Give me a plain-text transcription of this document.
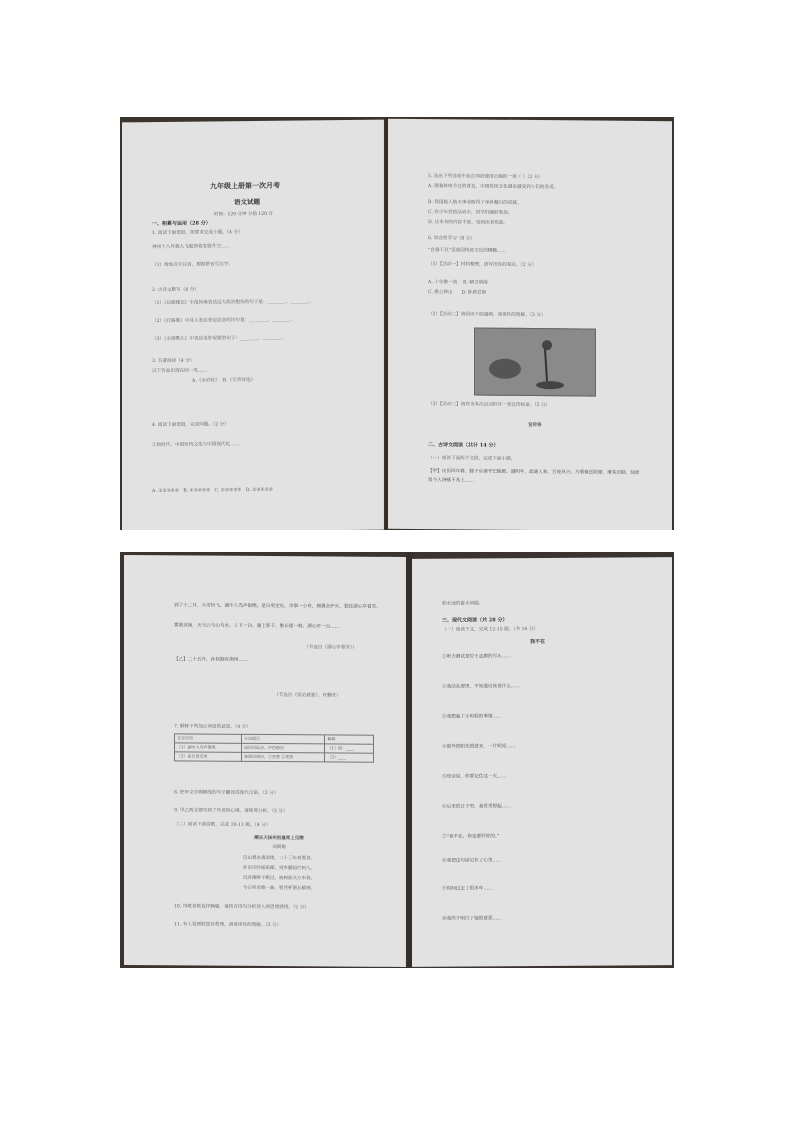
九年级上册第一次月考
语文试题
时间：120 分钟 分值 120 分
一、积累与运用（28 分）
1. 阅读下面语段，按要求完成小题。（4 分）
神州十八号载人飞船即将发射升空……
（1）给加点字注音，根据拼音写汉字。
2. 古诗文默写（8 分）
（1）《岳阳楼记》中范仲淹表达远大政治抱负的句子是：________，________。
（2）《行路难》中诗人表达坚定信念的诗句是：________，________。
（3）《水调歌头》中表达美好祝愿的句子：________，________。
3. 名著阅读（4 分）
以下作品出现在同一页……
A.《水浒传》  B.《艾青诗选》
4. 阅读下面语段，完成问题。（2 分）
①新时代，中国传统文化与中国现代化……
A. ①②③④⑤   B. ①③②④⑤   C. ①②④③⑤   D. ①③④②⑤
5. 选出下列各项中加点词语使用正确的一项（ ）（2 分）
A. 随着传统节日的普及，中国传统文化越来越受到人们的喜爱。
B. 我国载人航天事业取得了举世瞩目的成就。
C. 在少年宫的活动中，同学们踊跃参加。
D. 这本书的内容丰富，受到读者欢迎。
6. 综合性学习（8 分）
“自强不息”是我国传统文化的精髓……
（1）【活动一】材料整理，请写出你的看法。（2 分）
A. 十年磨一剑    B. 精卫填海
C. 愚公移山      D. 卧薪尝胆
（2）【活动二】请阅读下面漫画，谈谈你的理解。（2 分）
（3）【活动三】请你为本次活动拟写一条宣传标语。（2 分）
宣传语
二、古诗文阅读（共计 14 分）
（一）阅读下面两个文段，完成下面小题。
【甲】庆历四年春，滕子京谪守巴陵郡。越明年，政通人和，百废具兴。乃重修岳阳楼，增其旧制，刻唐贤今人诗赋于其上……
到了十二月，大雪纷飞，湖中人鸟声俱绝。是日更定矣，余拏一小舟，拥毳衣炉火，独往湖心亭看雪。
雾凇沆砀，天与云与山与水，上下一白。湖上影子，惟长堤一痕、湖心亭一点……
（节选自《湖心亭看雪》）
【乙】二十五年，孙权据有荆州……
（节选自《资治通鉴》，有删改）
7. 解释下列加点词语的意思。（4 分）
文言语句	方法提示	解释
（1）湖中人鸟声俱绝	成语印证法，声色俱厉	（1）俱：____
（2）是日更定矣	查阅词典法，①更替 ②更加	（2）____
8. 把甲文中画横线的句子翻译成现代汉语。（2 分）
9. 甲乙两文都写到了作者的心境，请简要分析。（2 分）
（二）阅读下面诗歌，完成 10-11 题。（4 分）
酬乐天扬州初逢席上见赠
刘禹锡
巴山楚水凄凉地，二十三年弃置身。
怀旧空吟闻笛赋，到乡翻似烂柯人。
沉舟侧畔千帆过，病树前头万木春。
今日听君歌一曲，暂凭杯酒长精神。
10. 诗歌首联直抒胸臆，请结合诗句分析诗人的思想感情。（2 分）
11. 有人说颈联富有哲理，请谈谈你的理解。（2 分）
积水池的蓄水问题。
三、现代文阅读（共 28 分）
（一）阅读下文，完成 12-15 题。（共 16 分）
我不在
①听力测试室位于走廊的尽头……
②我站在那里，不知道应该说什么……
③我想起了小时候的事情……
④窗外的阳光照进来，一片明亮……
⑤母亲说，你要记住这一天……
⑥后来的日子里，我常常想起……
⑦“我不在，你也要好好的。”
⑧我把这句话记在了心里……
⑨时间过去了很多年……
⑩我终于明白了她的意思……
